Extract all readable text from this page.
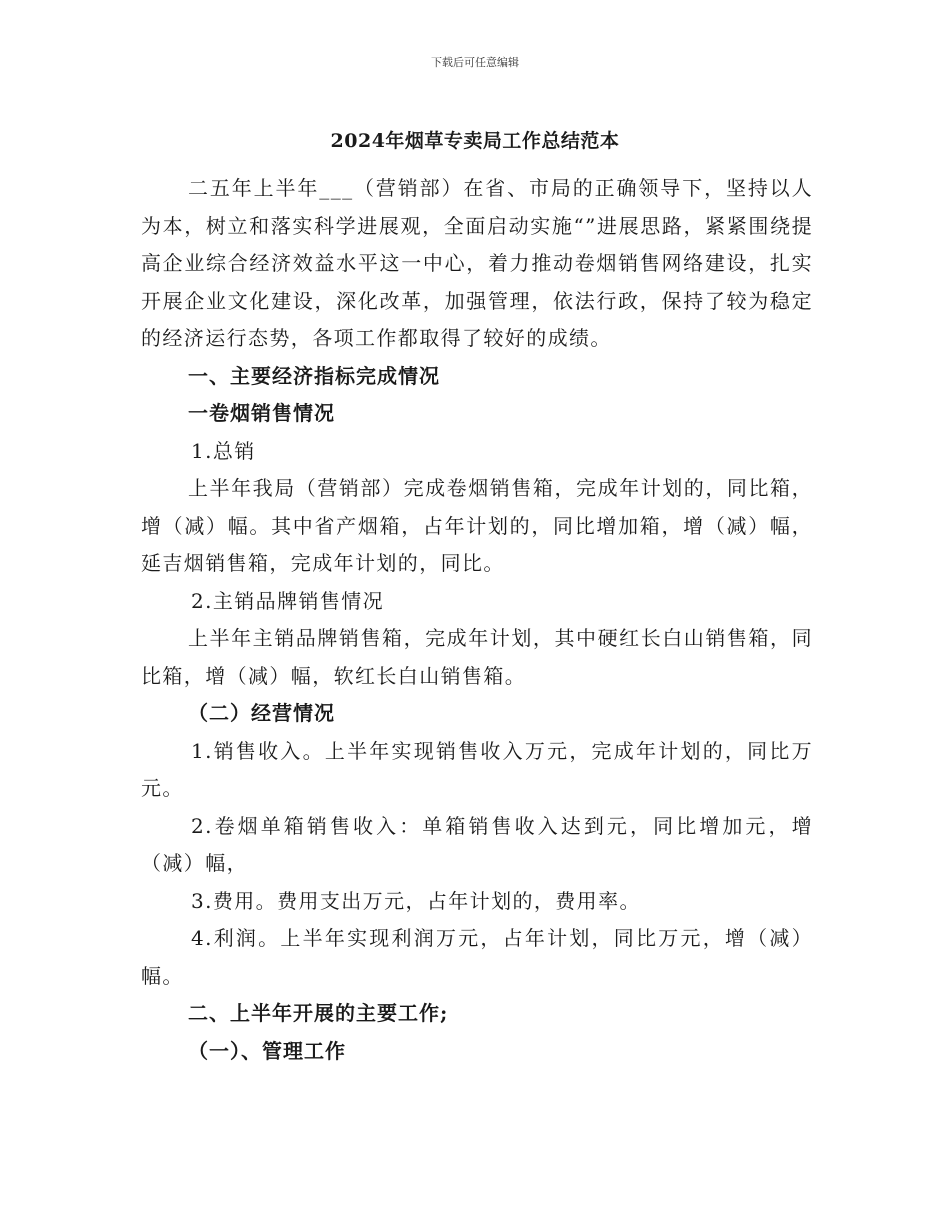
下载后可任意编辑
2024年烟草专卖局工作总结范本

二五年上半年___（营销部）在省、市局的正确领导下，坚持以人为本，树立和落实科学进展观，全面启动实施“”进展思路，紧紧围绕提高企业综合经济效益水平这一中心，着力推动卷烟销售网络建设，扎实开展企业文化建设，深化改革，加强管理，依法行政，保持了较为稳定的经济运行态势，各项工作都取得了较好的成绩。

一、主要经济指标完成情况

一卷烟销售情况

1.总销

上半年我局（营销部）完成卷烟销售箱，完成年计划的，同比箱，增（减）幅。其中省产烟箱，占年计划的，同比增加箱，增（减）幅，延吉烟销售箱，完成年计划的，同比。

2.主销品牌销售情况

上半年主销品牌销售箱，完成年计划，其中硬红长白山销售箱，同比箱，增（减）幅，软红长白山销售箱。

（二）经营情况

1.销售收入。上半年实现销售收入万元，完成年计划的，同比万元。

2.卷烟单箱销售收入：单箱销售收入达到元，同比增加元，增（减）幅，

3.费用。费用支出万元，占年计划的，费用率。

4.利润。上半年实现利润万元，占年计划，同比万元，增（减）幅。

二、上半年开展的主要工作;

（一）、管理工作
